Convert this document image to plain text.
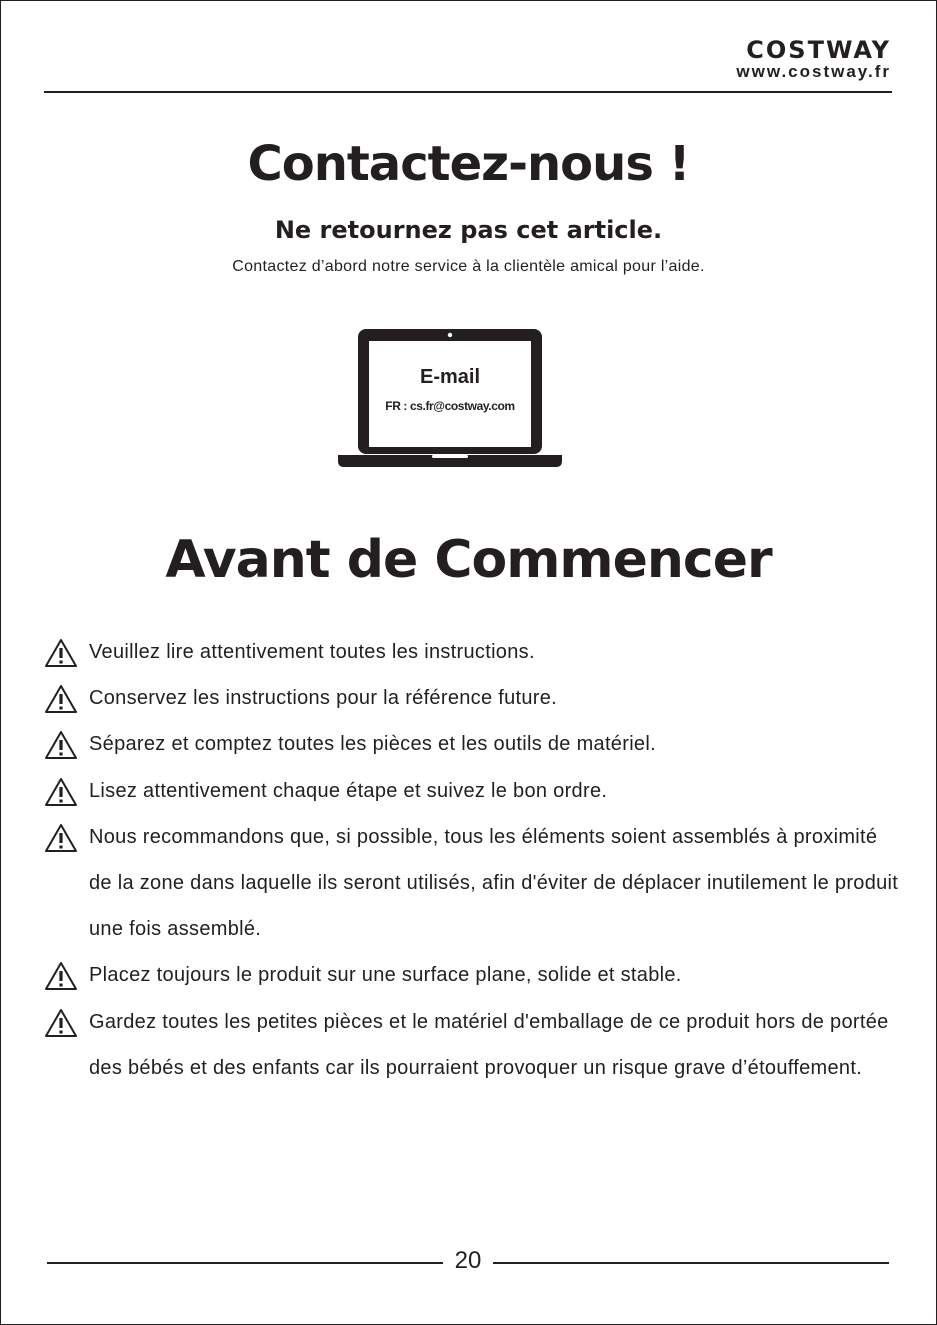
COSTWAY
www.costway.fr
Contactez-nous !
Ne retournez pas cet article.
Contactez d’abord notre service à la clientèle amical pour l’aide.
E-mail
FR : cs.fr@costway.com
Avant de Commencer
Veuillez lire attentivement toutes les instructions.
Conservez les instructions pour la référence future.
Séparez et comptez toutes les pièces et les outils de matériel.
Lisez attentivement chaque étape et suivez le bon ordre.
Nous recommandons que, si possible, tous les éléments soient assemblés à proximité de la zone dans laquelle ils seront utilisés, afin d'éviter de déplacer inutilement le produit une fois assemblé.
Placez toujours le produit sur une surface plane, solide et stable.
Gardez toutes les petites pièces et le matériel d'emballage de ce produit hors de portée des bébés et des enfants car ils pourraient provoquer un risque grave d’étouffement.
20
